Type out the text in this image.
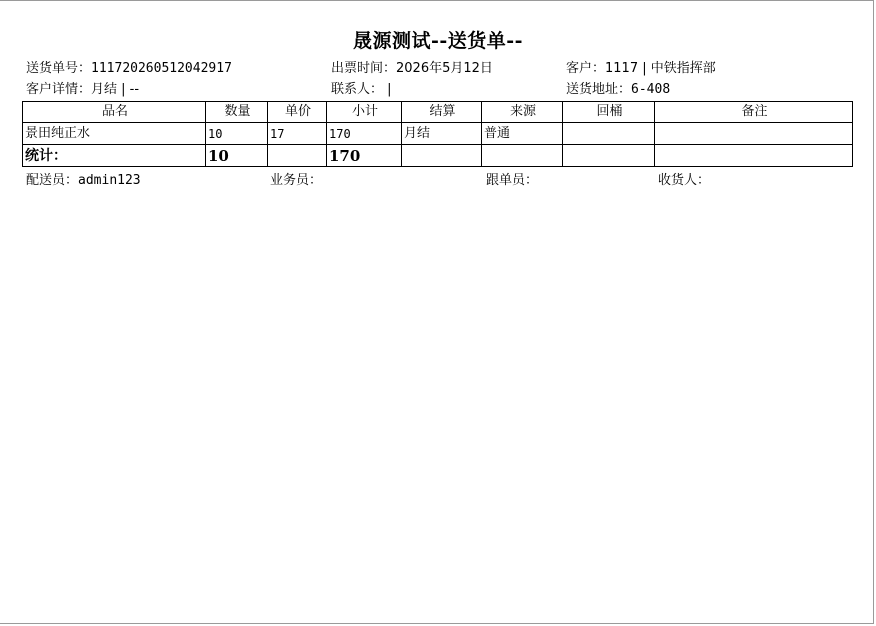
晟源测试--送货单--
送货单号：111720260512042917	出票时间：2026年5月12日	客户：1117 | 中铁指挥部
客户详情：月结 | --	联系人： |	送货地址：6-408
品名	数量	单价	小计	结算	来源	回桶	备注
景田纯正水	10	17	170	月结	普通		
统计：	10		170				
配送员：admin123	业务员：	跟单员：	收货人：
